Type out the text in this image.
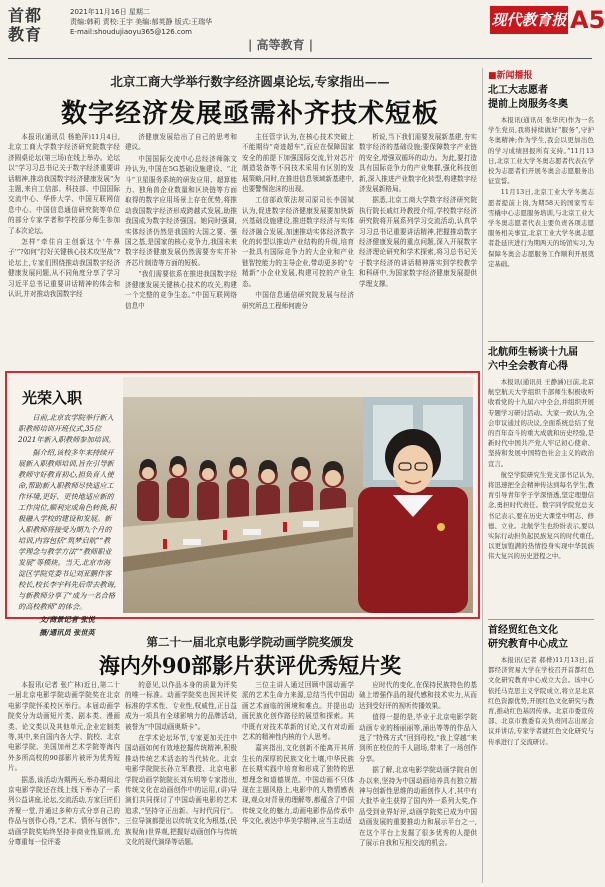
首都
教育
2021年11月16日 星期二
责编:韩莉 责校:王宇 美编:郁英静 版式:王瑞华
E-mail:shoudujiaoyu365@126.com
| 高等教育 |
现代教育报 A5
北京工商大学举行数字经济圆桌论坛,专家指出——
数字经济发展亟需补齐技术短板

本报讯(通讯员 杨艳萍)11月4日,北京工商大学数字经济研究院数字经济圆桌论坛(第三场)在线上举办。论坛以“学习习总书记关于数字经济重要讲话精神,推动我国数字经济健康发展”为主题,来自工信部、科技部、中国国际交流中心、华侨大学、中国互联网信息中心、中国信息通信研究院等单位的部分专家学者和学校部分师生参加了本次论坛。

怎样“牵住自主创新这个‘牛鼻子’”?如何“打好关键核心技术攻坚战”?论坛上,专家们围绕推动我国数字经济健康发展问题,从不同角度分享了学习习近平总书记重要讲话精神的体会和认识,并对推动我国数字经

济健康发展给出了自己的思考和建议。

中国国际交流中心总经济师陈文玲认为,中国在5G基础设施建设、“北斗”卫星服务系统的研发应用、超算能力、独角兽企业数量和区块链等方面取得的数字应用场景上存在优势,将推动我国数字经济形成跨越式发展,助推我国成为数字经济强国。她同时强调,实体经济仍然是我国的大国之要、强国之基,是国家的核心竞争力,我国未来数字经济健康发展仍然需要夯实并补齐芯片制造等方面的短板。

“我们需要依系在推进我国数字经济健康发展关键核心技术的攻关,构建一个完整的竞争生态。”中国互联网络信息中

主任管宇认为,在核心技术突破上不能期待“奇迹超车”,而应在保障国家安全的前提下加强国际交流,针对芯片制造装备等不同技术采用有区别的发展策略,同时,在推进信息领域新基建中,也要警惕泡沫的出现。

工信部政策法规司原司长李国斌认为,促进数字经济健康发展要加快新兴基础设施建设,推进数字经济与实体经济融合发展,加速推动实体经济数字化的转型以推动产业结构的升级,培育一批具有国际竞争力的大企业和产业链智控能力的主导企业,带动更多的“专精新”小企业发展,构建可控的产业生态。

中国信息通信研究院发展与经济研究所总工程师何鹿分

析说,当下我们需要发展新基建,夯实数字经济的基础设施;要保障数字产业链的安全,增强双循环的动力。为此,要打造具有国际竞争力的产业集群,强化科技创新,深入推进产业数字化转型,构建数字经济发展新格局。

据悉,北京工商大学数字经济研究院执行院长戚红玲教授介绍,学校数字经济研究院将开展系列学习交流活动,认真学习习总书记重要讲话精神,把握推动数字经济健康发展的重点问题,深入开展数字经济理论研究和学术探索,将习总书记关于数字经济的讲话精神落实到学校教学和科研中,为国家数字经济健康发展提供学理支撑。

光荣入职

日前,北京农学院举行新入职教师培训开班仪式,35位2021年新入职教师参加培训。

据介绍,该校多年来持续开展新入职教师培训,旨在引导新教师守好教育初心,担负育人使命,帮助新入职教师尽快适应工作环境,更好、更快地适应新的工作岗位,顺利完成角色转换,积极融入学校的建设和发展。新入职教师将接受为期九个月的培训,内容包括“筑梦启航”“教学理念与教学方法”“教师职业发展”等模块。当天,北京市海淀区学院党委书记刘亚鹏作客校长,校长李宇科先后带去教诲,与新教师分享了“成为一名合格的高校教师”的体会。

文/商景记者 张悦

摄/通讯员 张世英

第二十一届北京电影学院动画学院奖颁发
海内外90部影片获评优秀短片奖

本报讯(记者 张广林)近日,第二十一届北京电影学院动画学院奖在北京电影学院怀柔校区举行。本届动画学院奖分为动画短片类、剧本类、漫画类、论文类以及其他单元,企业定制类等,其中,来自国内各大学、院校、北京电影学院、美国加州艺术学院等海内外多所高校的90部影片被评为优秀短片。

据悉,该活动为期两天,举办期间北京电影学院还在线上线下举办了一系列公益讲座,论坛,交流活动,方家巨匠们齐聚一堂,并通过多种方式分享自己的作品与创作心得,“艺术、情怀与创作”,动画学院奖始终坚持非商业性原则,充分尊重每一位评委

的意见,以作品本身的质量为评奖的唯一标准。动画学院奖也因其评奖标准的学术性、专业性,权威性,正日益成为一项具有全球影响力的品牌活动,被誉为“中国动画奥斯卡”。

在学术论坛环节,专家更加关注中国动画如何有效地挖掘传统精神,积极推动传统艺术活态的当代转化。北京电影学院院长孙立军教授、北京电影学院动画学院院长刘东明等专家指出,传统文化在动画创作中的运用,(讲)导演们共同探讨了中国动画电影的艺术追求,“坚持守正出新、与时代同行”。三位导演都提出以传统文化为根基,(民族视角)世界观,把握好动画创作与传统文化的现代演绎等话题。

三位主讲人通过回顾中国动画学派的艺术生命力来源,总结当代中国动画艺术面临的困境和难点。并提出动画民族化创作路径的展望和探索。其中既有对技术革新的讨论,又有对动画艺术的精神性内核的个人思考。

嘉宾指出,文化创新不能离开其所生长的深厚的民族文化土壤,中华民族在长期实践中培育和形成了独特的思想理念和道德规范。中国动画不只体现在主题风格上,电影中的人物情感表现,观众对背景的理解等,都蕴含了中国传统文化的魅力,动画电影作品传承中华文化,表达中华美学精神,应当主动适

应时代的变化,在保持民族特色的基础上增强作品的现代感和技术实力,从而达到受好评的视听传播效果。

值得一提的是,毕业于北京电影学院动画专业的杨丽丽等,涌出等等的作品入选了“特殊方式”回到母校,“我上穿越”来到所在校位的千人剧场,带来了一场创作分享。

据了解,北京电影学院动画学院自创办以来,坚持为中国动画培养具有独立精神与创新性思维的动画创作人才,其中有大批毕业生获得了国内外一系列大奖,作品受到业界好评,动画学院奖已成为中国动画发展的重要推动力和展示平台之一,在这个平台上发掘了很多优秀的人提供了展示自我和互相交流的机会。

■新闻播报
北工大志愿者
提前上岗服务冬奥

本报讯(通讯员 张华庆)作为一名学生党员,我将持续做好“服务”,守护冬奥精神;作为学生,我会以更加出色的学习成绩回报所有支持。”11月13日,北京工业大学冬奥志愿者代表在学校为志愿者们开展冬奥会志愿服务出征宣誓。

11月13日,北京工业大学冬奥志愿者提前上岗,为期58天的国家雪车雪橇中心志愿服务培训,与北京工业大学冬奥志愿者代表主要负责各项志愿服务相关事宜,北京工业大学冬奥志愿者赴延庆进行为期两天的场馆实习,为保障冬奥会志愿服务工作顺利开展奠定基础。

北航师生畅谈十九届
六中全会教育心得

本报讯(通讯员 王静涵)日前,北京航空航天大学组织千部师生积极收听收看党的十九届六中全会,并组织开展专题学习研讨活动。大家一致认为,全会审议通过的决议,全面系统总结了党的百年奋斗的重大成就和历史经验,是新时代中国共产党人牢记初心使命、坚持和发展中国特色社会主义的政治宣言。

航空学院研究生党支部书记认为,将迅速把全会精神传达到每名学生,教育引导青年学子学深悟透,坚定理想信念,勇担时代责任。数字同学院党总支书记表示,要在历史大课堂中明志、修德、立业。北航学生也纷纷表示,要以实际行动担负起民族复兴的时代重任,以更加饱满的热情投身实现中华民族伟大复兴的历史进程之中。

首经贸红色文化
研究教育中心成立

本报讯(记者 郝桦)11月13日,首都经济贸易大学在学校召开首都红色文化研究教育中心成立大会。该中心依托马克思主义学院成立,将立足北京红色资源优势,开展红色文化研究与教育,推动红色基因传承。北京市委宣传部、北京市教委有关负责同志出席会议并讲话,专家学者就红色文化研究与传承进行了交流研讨。
